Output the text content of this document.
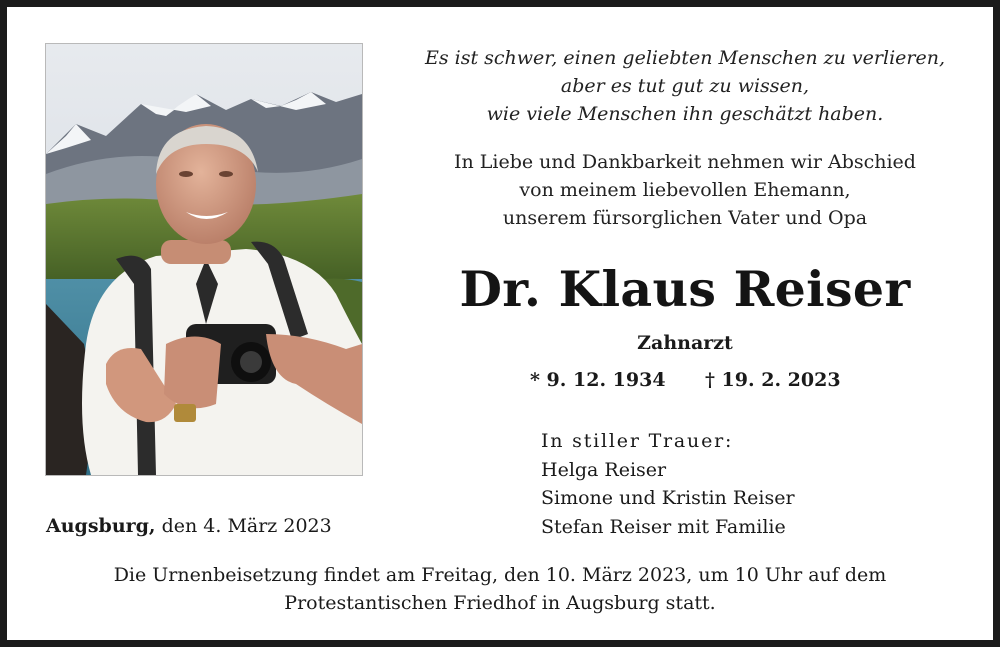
Es ist schwer, einen geliebten Menschen zu verlieren,
aber es tut gut zu wissen,
wie viele Menschen ihn geschätzt haben.
In Liebe und Dankbarkeit nehmen wir Abschied
von meinem liebevollen Ehemann,
unserem fürsorglichen Vater und Opa
Dr. Klaus Reiser
Zahnarzt
* 9. 12. 1934 † 19. 2. 2023
In stiller Trauer:
Helga Reiser
Simone und Kristin Reiser
Stefan Reiser mit Familie
Augsburg, den 4. März 2023
Die Urnenbeisetzung findet am Freitag, den 10. März 2023, um 10 Uhr auf dem
Protestantischen Friedhof in Augsburg statt.
